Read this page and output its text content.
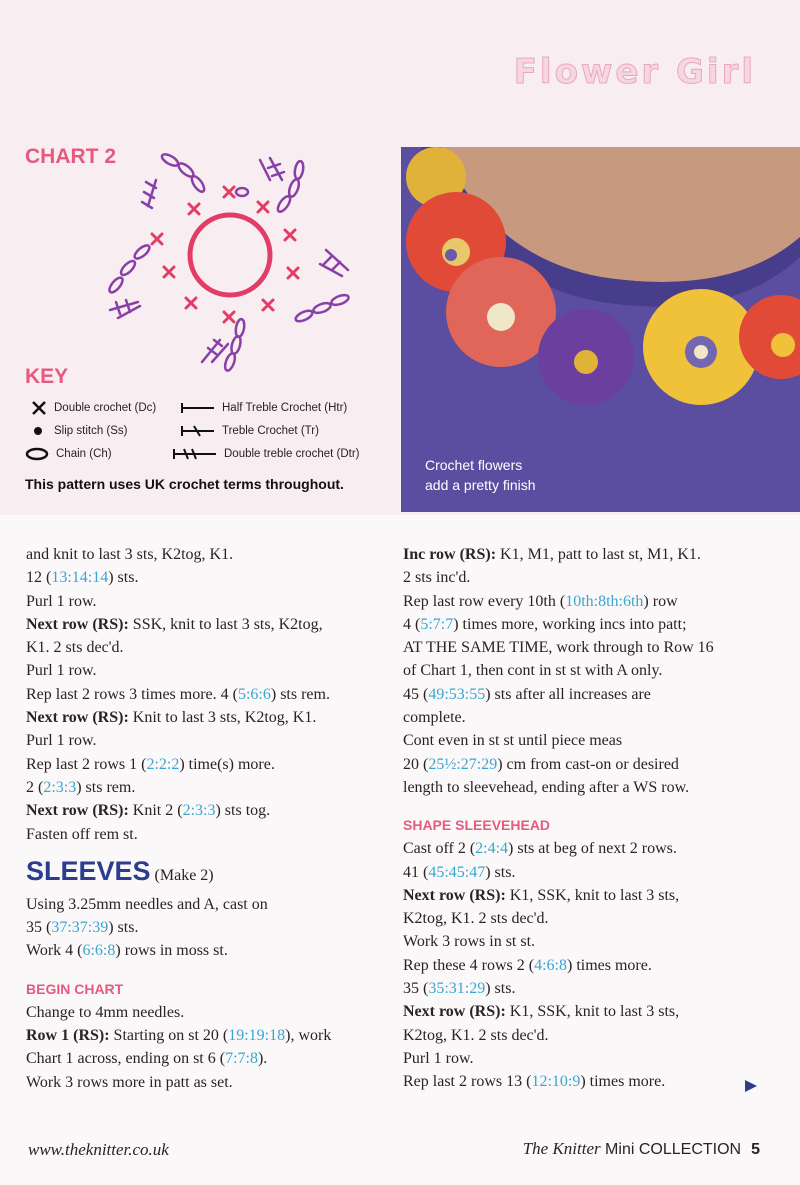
Flower Girl
CHART 2
KEY
Double crochet (Dc)
Slip stitch (Ss)
Chain (Ch)
Half Treble Crochet (Htr)
Treble Crochet (Tr)
Double treble crochet (Dtr)
This pattern uses UK crochet terms throughout.
Crochet flowers
add a pretty finish

and knit to last 3 sts, K2tog, K1.

12 (13:14:14) sts.

Purl 1 row.

Next row (RS): SSK, knit to last 3 sts, K2tog,

K1. 2 sts dec'd.

Purl 1 row.

Rep last 2 rows 3 times more. 4 (5:6:6) sts rem.

Next row (RS): Knit to last 3 sts, K2tog, K1.

Purl 1 row.

Rep last 2 rows 1 (2:2:2) time(s) more.

2 (2:3:3) sts rem.

Next row (RS): Knit 2 (2:3:3) sts tog.

Fasten off rem st.

SLEEVES (Make 2)

Using 3.25mm needles and A, cast on

35 (37:37:39) sts.

Work 4 (6:6:8) rows in moss st.

BEGIN CHART

Change to 4mm needles.

Row 1 (RS): Starting on st 20 (19:19:18), work

Chart 1 across, ending on st 6 (7:7:8).

Work 3 rows more in patt as set.

Inc row (RS): K1, M1, patt to last st, M1, K1.

2 sts inc'd.

Rep last row every 10th (10th:8th:6th) row

4 (5:7:7) times more, working incs into patt;

AT THE SAME TIME, work through to Row 16

of Chart 1, then cont in st st with A only.

45 (49:53:55) sts after all increases are

complete.

Cont even in st st until piece meas

20 (25½:27:29) cm from cast-on or desired

length to sleevehead, ending after a WS row.

SHAPE SLEEVEHEAD

Cast off 2 (2:4:4) sts at beg of next 2 rows.

41 (45:45:47) sts.

Next row (RS): K1, SSK, knit to last 3 sts,

K2tog, K1. 2 sts dec'd.

Work 3 rows in st st.

Rep these 4 rows 2 (4:6:8) times more.

35 (35:31:29) sts.

Next row (RS): K1, SSK, knit to last 3 sts,

K2tog, K1. 2 sts dec'd.

Purl 1 row.

Rep last 2 rows 13 (12:10:9) times more.

www.theknitter.co.uk	The Knitter Mini COLLECTION 5
